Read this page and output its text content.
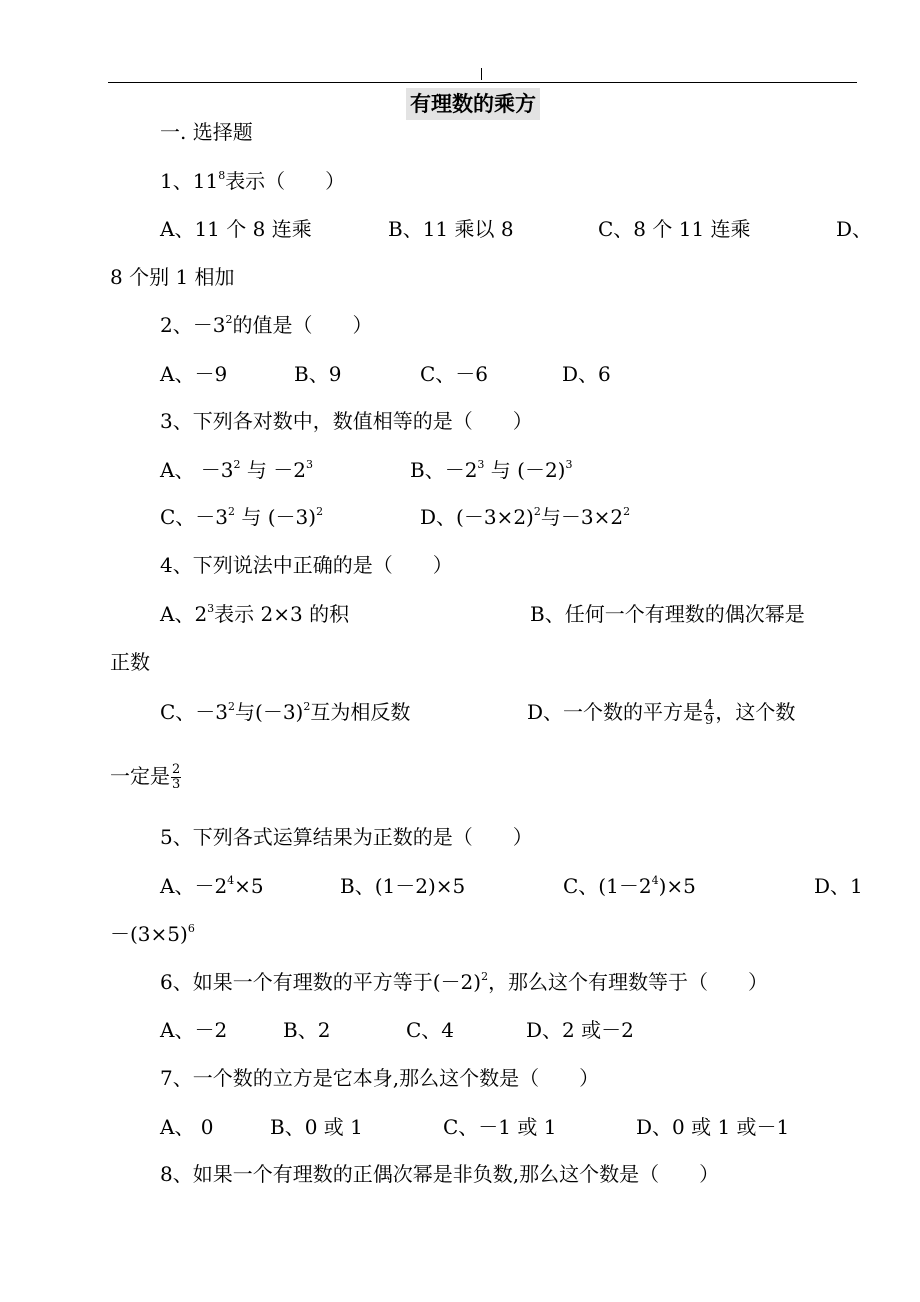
有理数的乘方
一. 选择题
1、$11^8$表示（　　）
A、11 个 8 连乘	B、11 乘以 8	C、8 个 11 连乘	D、
8 个别 1 相加
2、$-3^2$的值是（　　）
A、－9	B、9	C、－6	D、6
3、下列各对数中，数值相等的是（　　）
A、 $-3^2$ 与 $-2^3$	B、$-2^3$ 与 $(-2)^3$
C、$-3^2$ 与 $(-3)^2$	D、$(-3\times 2)^2$与$-3\times 2^2$
4、下列说法中正确的是（　　）
A、$2^3$表示 2×3 的积	B、任何一个有理数的偶次幂是
正数
C、$-3^2$与$(-3)^2$互为相反数	D、一个数的平方是 $\frac{4}{9}$ ，这个数
一定是 $\frac{2}{3}$
5、下列各式运算结果为正数的是（　　）
A、$-2^4\times 5$	B、(1－2)×5	C、$(1-2^4)\times 5$	D、1
$-(3\times 5)^6$
6、如果一个有理数的平方等于$(-2)^2$，那么这个有理数等于（　　）
A、－2	B、2	C、4	D、2 或－2
7、一个数的立方是它本身,那么这个数是（　　）
A、 0	B、0 或 1	C、－1 或 1	D、0 或 1 或－1
8、如果一个有理数的正偶次幂是非负数,那么这个数是（　　）
